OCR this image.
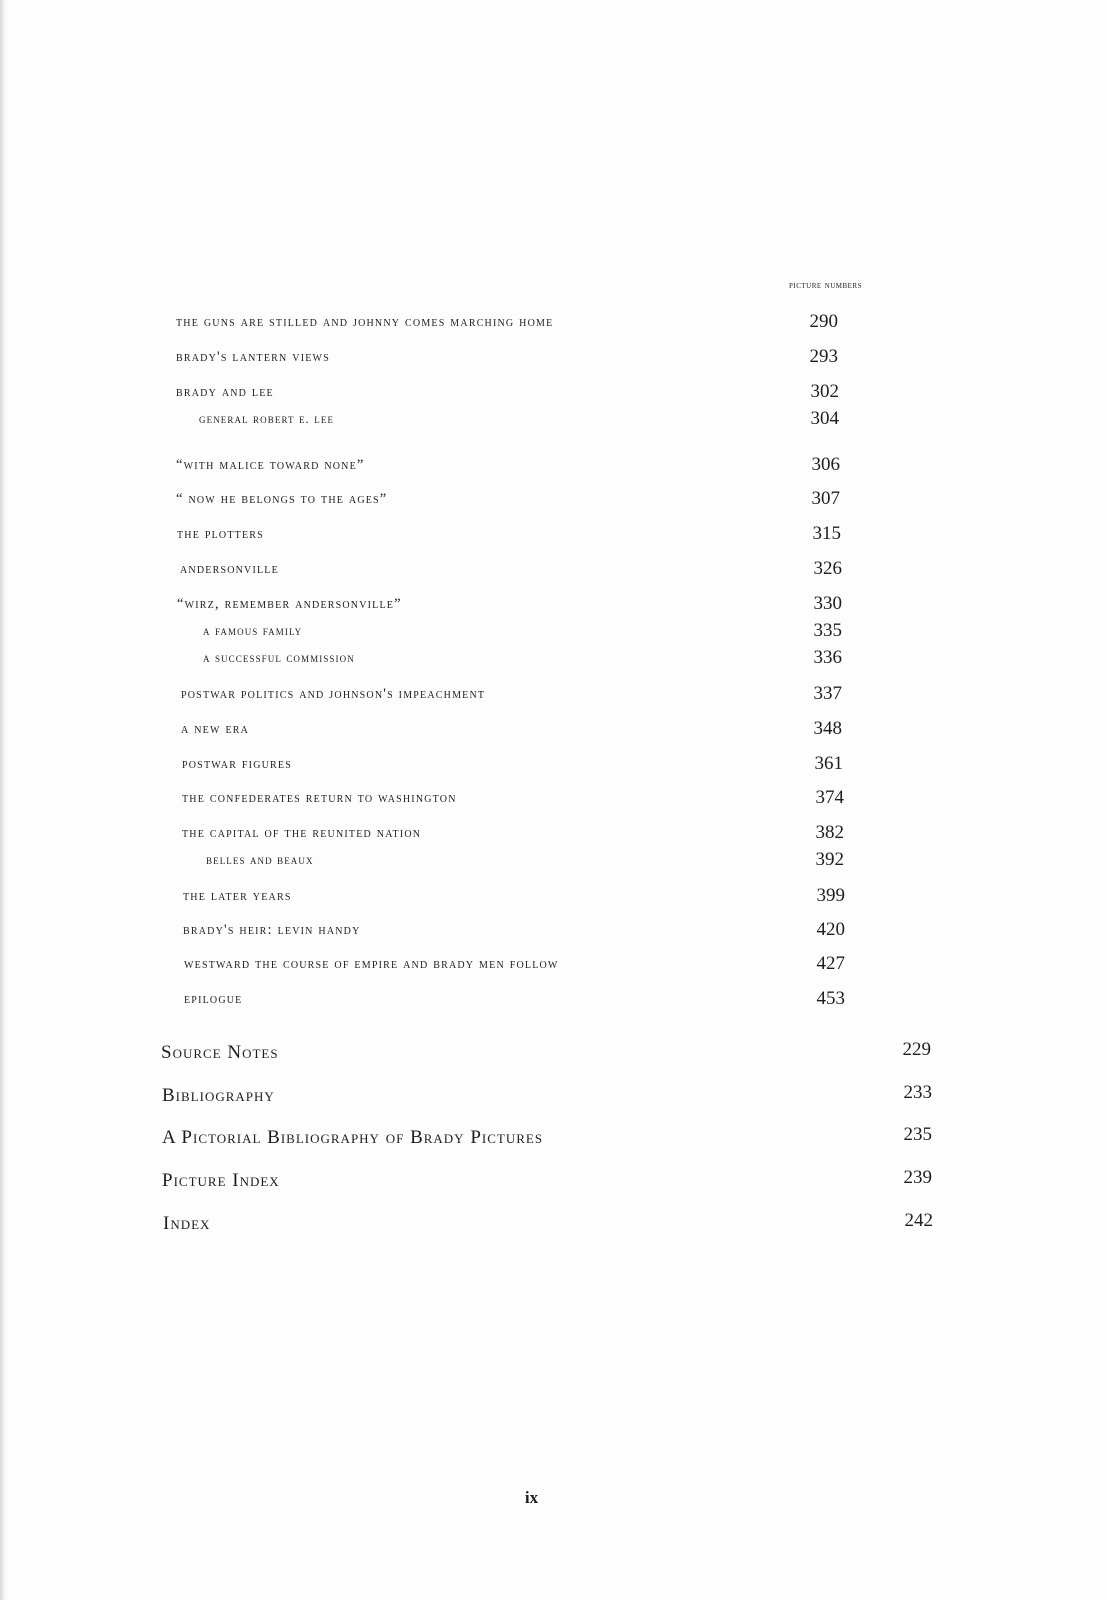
picture numbers
the guns are stilled and johnny comes marching home	290
brady's lantern views	293
brady and lee	302
general robert e. lee	304
“with malice toward none”	306
“ now he belongs to the ages”	307
the plotters	315
andersonville	326
“wirz, remember andersonville”	330
a famous family	335
a successful commission	336
postwar politics and johnson's impeachment	337
a new era	348
postwar figures	361
the confederates return to washington	374
the capital of the reunited nation	382
belles and beaux	392
the later years	399
brady's heir: levin handy	420
westward the course of empire and brady men follow	427
epilogue	453
Source Notes	229
Bibliography	233
A Pictorial Bibliography of Brady Pictures	235
Picture Index	239
Index	242
ix
